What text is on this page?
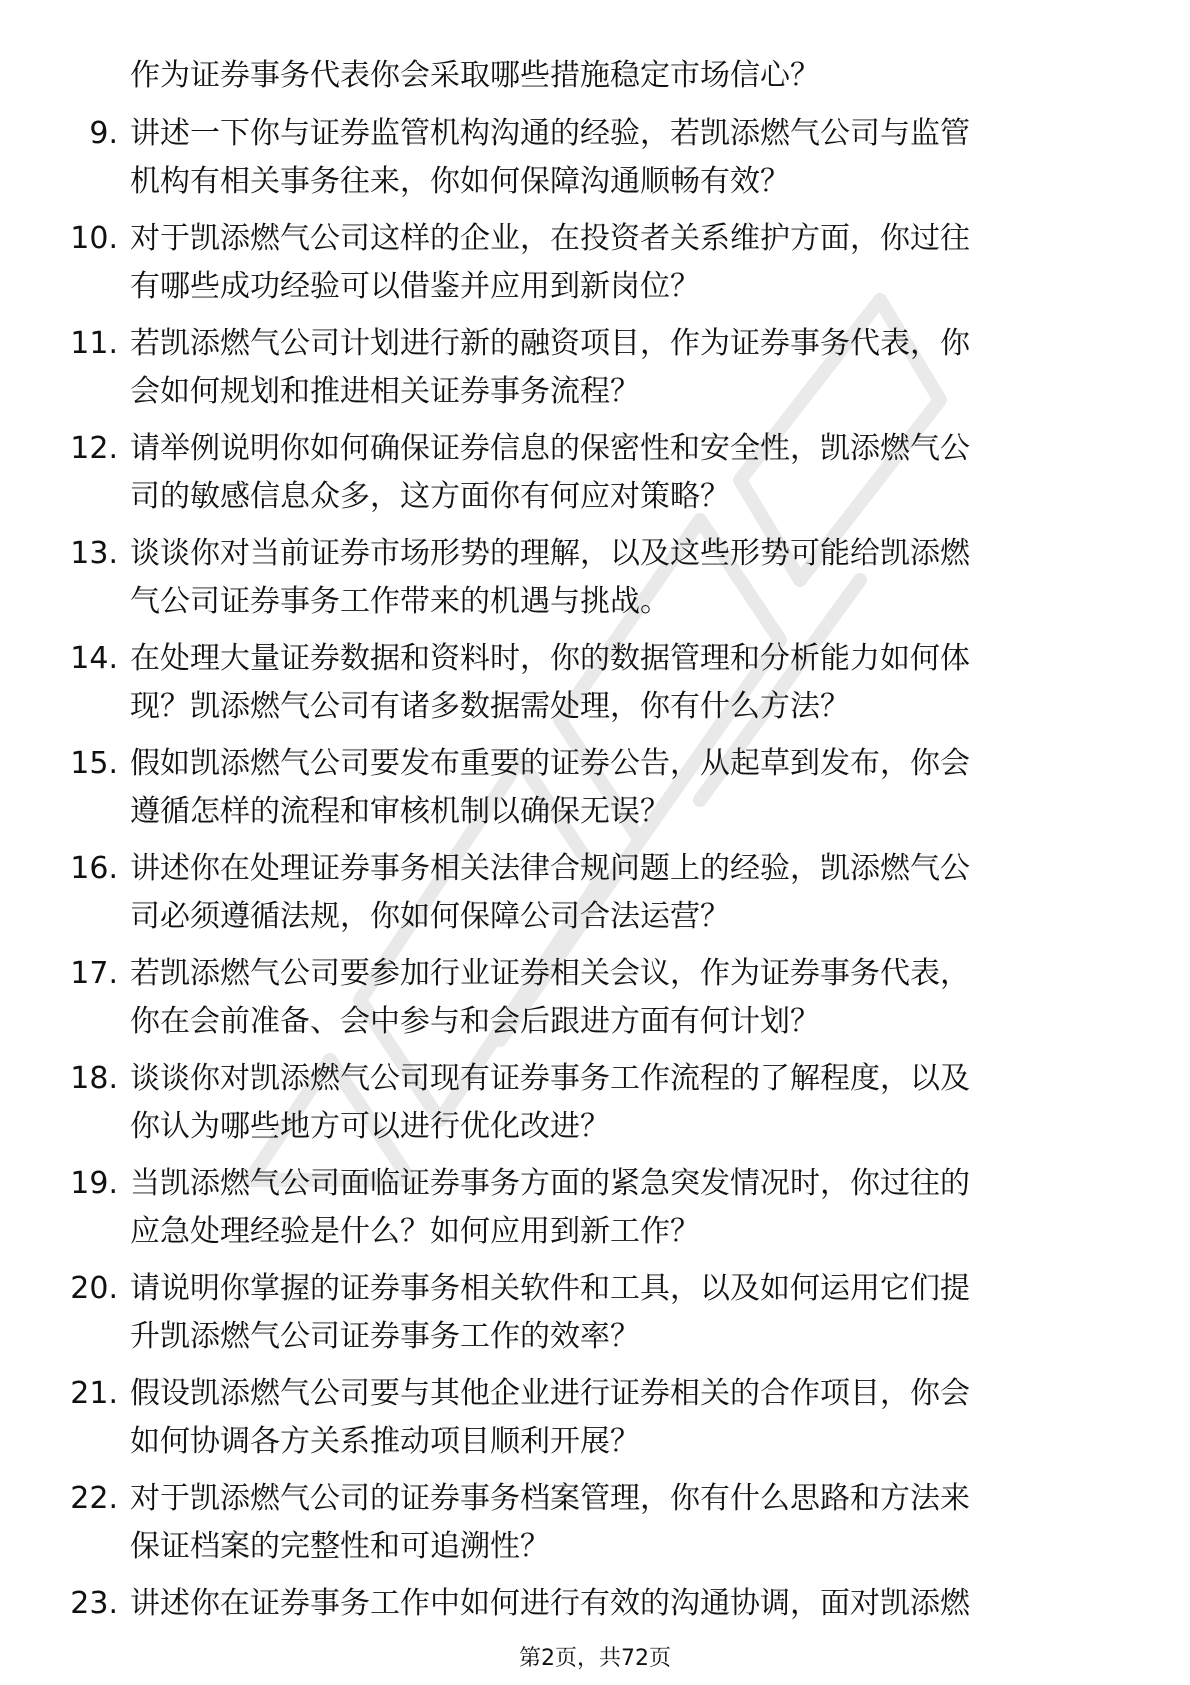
作为证券事务代表你会采取哪些措施稳定市场信心？
9. 讲述一下你与证券监管机构沟通的经验，若凯添燃气公司与监管
机构有相关事务往来，你如何保障沟通顺畅有效？
10. 对于凯添燃气公司这样的企业，在投资者关系维护方面，你过往
有哪些成功经验可以借鉴并应用到新岗位？
11. 若凯添燃气公司计划进行新的融资项目，作为证券事务代表，你
会如何规划和推进相关证券事务流程？
12. 请举例说明你如何确保证券信息的保密性和安全性，凯添燃气公
司的敏感信息众多，这方面你有何应对策略？
13. 谈谈你对当前证券市场形势的理解，以及这些形势可能给凯添燃
气公司证券事务工作带来的机遇与挑战。
14. 在处理大量证券数据和资料时，你的数据管理和分析能力如何体
现？凯添燃气公司有诸多数据需处理，你有什么方法？
15. 假如凯添燃气公司要发布重要的证券公告，从起草到发布，你会
遵循怎样的流程和审核机制以确保无误？
16. 讲述你在处理证券事务相关法律合规问题上的经验，凯添燃气公
司必须遵循法规，你如何保障公司合法运营？
17. 若凯添燃气公司要参加行业证券相关会议，作为证券事务代表，
你在会前准备、会中参与和会后跟进方面有何计划？
18. 谈谈你对凯添燃气公司现有证券事务工作流程的了解程度，以及
你认为哪些地方可以进行优化改进？
19. 当凯添燃气公司面临证券事务方面的紧急突发情况时，你过往的
应急处理经验是什么？如何应用到新工作？
20. 请说明你掌握的证券事务相关软件和工具，以及如何运用它们提
升凯添燃气公司证券事务工作的效率？
21. 假设凯添燃气公司要与其他企业进行证券相关的合作项目，你会
如何协调各方关系推动项目顺利开展？
22. 对于凯添燃气公司的证券事务档案管理，你有什么思路和方法来
保证档案的完整性和可追溯性？
23. 讲述你在证券事务工作中如何进行有效的沟通协调，面对凯添燃
第2页，共72页
